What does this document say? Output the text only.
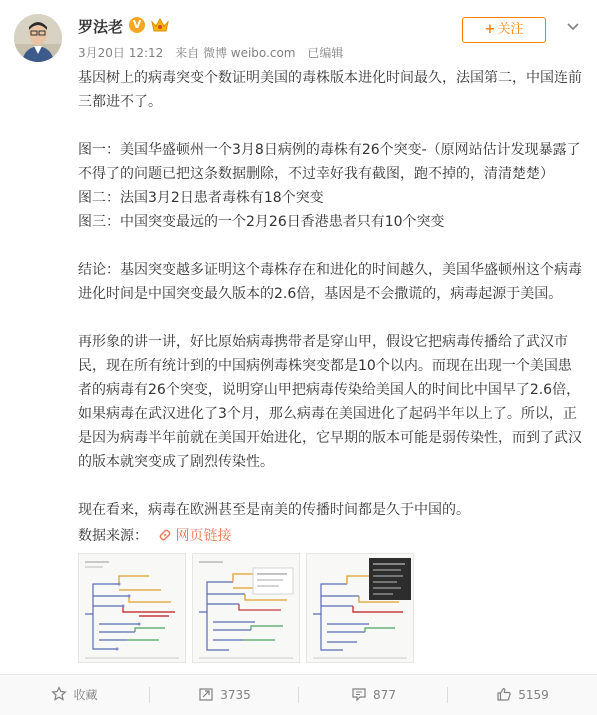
罗法老 V
3月20日 12:12 来自 微博 weibo.com 已编辑
+ 关注

基因树上的病毒突变个数证明美国的毒株版本进化时间最久，法国第二，中国连前三都进不了。

图一：美国华盛顿州一个3月8日病例的毒株有26个突变-（原网站估计发现暴露了不得了的问题已把这条数据删除，不过幸好我有截图，跑不掉的，清清楚楚）

图二：法国3月2日患者毒株有18个突变

图三：中国突变最远的一个2月26日香港患者只有10个突变

结论：基因突变越多证明这个毒株存在和进化的时间越久，美国华盛顿州这个病毒进化时间是中国突变最久版本的2.6倍，基因是不会撒谎的，病毒起源于美国。

再形象的讲一讲，好比原始病毒携带者是穿山甲，假设它把病毒传播给了武汉市民，现在所有统计到的中国病例毒株突变都是10个以内。而现在出现一个美国患者的病毒有26个突变，说明穿山甲把病毒传染给美国人的时间比中国早了2.6倍，如果病毒在武汉进化了3个月，那么病毒在美国进化了起码半年以上了。所以，正是因为病毒半年前就在美国开始进化，它早期的版本可能是弱传染性，而到了武汉的版本就突变成了剧烈传染性。

现在看来，病毒在欧洲甚至是南美的传播时间都是久于中国的。

数据来源： 网页链接
收藏	3735	877	5159
